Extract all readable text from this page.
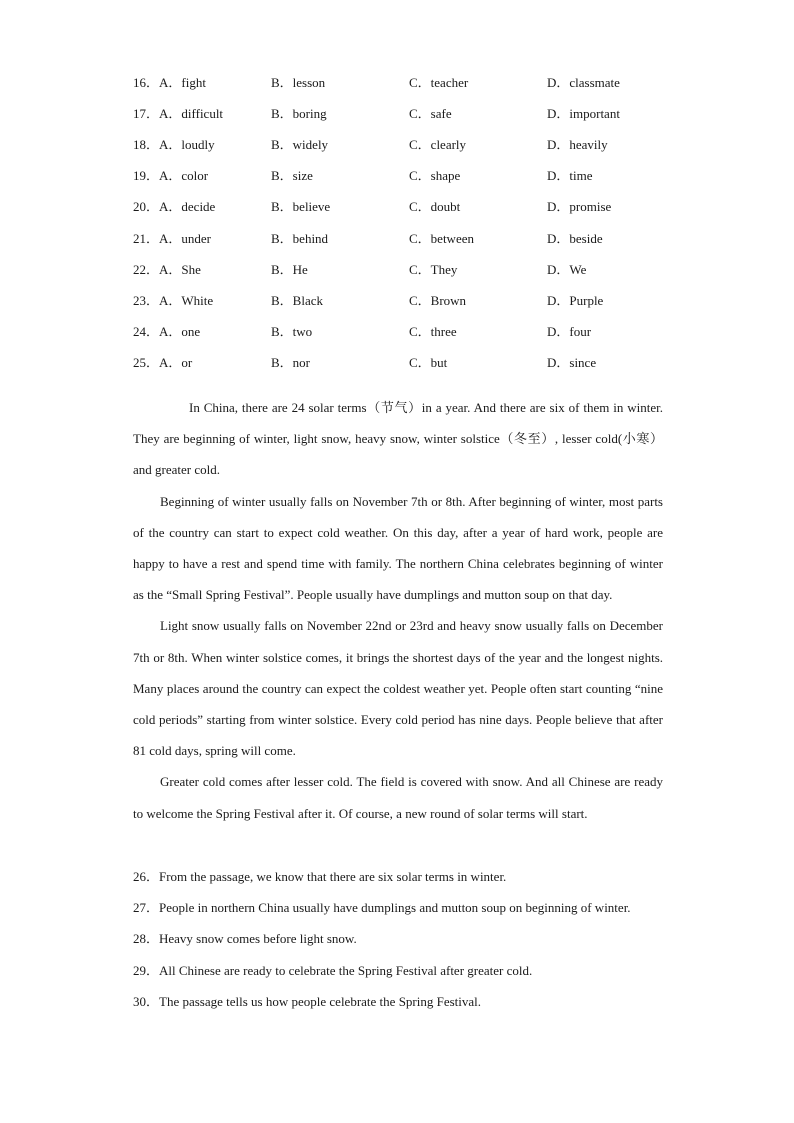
16．A．fight	B．lesson	C．teacher	D．classmate
17．A．difficult	B．boring	C．safe	D．important
18．A．loudly	B．widely	C．clearly	D．heavily
19．A．color	B．size	C．shape	D．time
20．A．decide	B．believe	C．doubt	D．promise
21．A．under	B．behind	C．between	D．beside
22．A．She	B．He	C．They	D．We
23．A．White	B．Black	C．Brown	D．Purple
24．A．one	B．two	C．three	D．four
25．A．or	B．nor	C．but	D．since

In China, there are 24 solar terms（节气）in a year. And there are six of them in winter. They are beginning of winter, light snow, heavy snow, winter solstice（冬至）, lesser cold(小寒）and greater cold.

Beginning of winter usually falls on November 7th or 8th. After beginning of winter, most parts of the country can start to expect cold weather. On this day, after a year of hard work, people are happy to have a rest and spend time with family. The northern China celebrates beginning of winter as the “Small Spring Festival”. People usually have dumplings and mutton soup on that day.

Light snow usually falls on November 22nd or 23rd and heavy snow usually falls on December 7th or 8th. When winter solstice comes, it brings the shortest days of the year and the longest nights. Many places around the country can expect the coldest weather yet. People often start counting “nine cold periods” starting from winter solstice. Every cold period has nine days. People believe that after 81 cold days, spring will come.

Greater cold comes after lesser cold. The field is covered with snow. And all Chinese are ready to welcome the Spring Festival after it. Of course, a new round of solar terms will start.

26．From the passage, we know that there are six solar terms in winter.

27．People in northern China usually have dumplings and mutton soup on beginning of winter.

28．Heavy snow comes before light snow.

29．All Chinese are ready to celebrate the Spring Festival after greater cold.

30．The passage tells us how people celebrate the Spring Festival.
